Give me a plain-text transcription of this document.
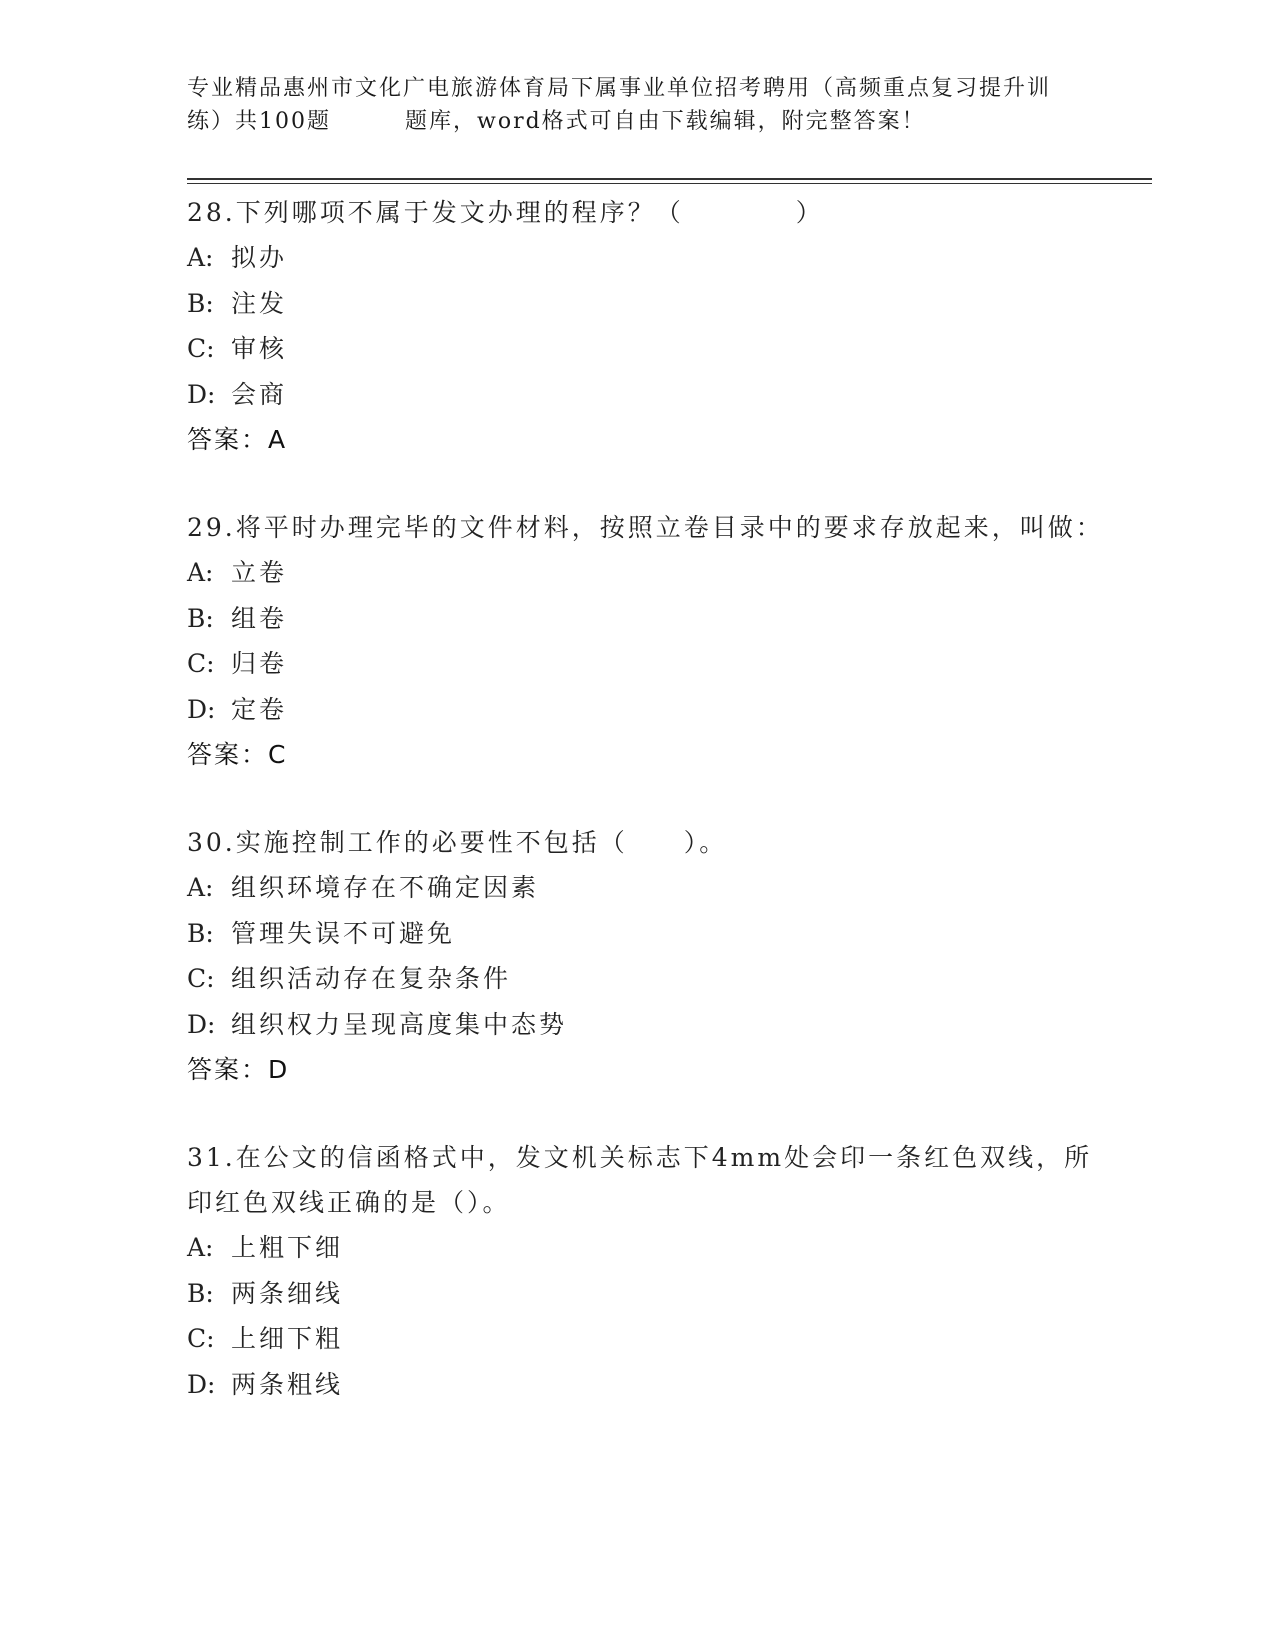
专业精品惠州市文化广电旅游体育局下属事业单位招考聘用（高频重点复习提升训
练）共100题	题库，word格式可自由下载编辑，附完整答案！
28.下列哪项不属于发文办理的程序？（　　　　）
A: 拟办
B: 注发
C: 审核
D: 会商
答案：A
29.将平时办理完毕的文件材料，按照立卷目录中的要求存放起来，叫做：
A: 立卷
B: 组卷
C: 归卷
D: 定卷
答案：C
30.实施控制工作的必要性不包括（　　）。
A: 组织环境存在不确定因素
B: 管理失误不可避免
C: 组织活动存在复杂条件
D: 组织权力呈现高度集中态势
答案：D
31.在公文的信函格式中，发文机关标志下4mm处会印一条红色双线，所印红色双线正确的是（）。
A: 上粗下细
B: 两条细线
C: 上细下粗
D: 两条粗线
